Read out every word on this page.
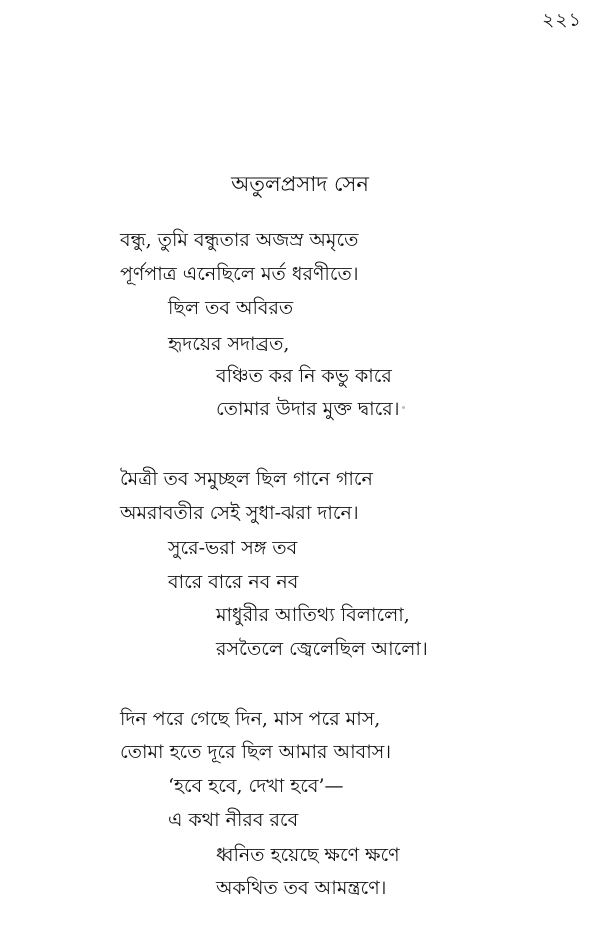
২২১
অতুলপ্রসাদ সেন
বন্ধু, তুমি বন্ধুতার অজস্র অমৃতে
পূর্ণপাত্র এনেছিলে মর্ত ধরণীতে।
ছিল তব অবিরত
হৃদয়ের সদাব্রত,
বঞ্চিত কর নি কভু কারে
তোমার উদার মুক্ত দ্বারে।
মৈত্রী তব সমুচ্ছল ছিল গানে গানে
অমরাবতীর সেই সুধা-ঝরা দানে।
সুরে-ভরা সঙ্গ তব
বারে বারে নব নব
মাধুরীর আতিথ্য বিলালো,
রসতৈলে জ্বেলেছিল আলো।
দিন পরে গেছে দিন, মাস পরে মাস,
তোমা হতে দূরে ছিল আমার আবাস।
‘হবে হবে, দেখা হবে’—
এ কথা নীরব রবে
ধ্বনিত হয়েছে ক্ষণে ক্ষণে
অকথিত তব আমন্ত্রণে।
